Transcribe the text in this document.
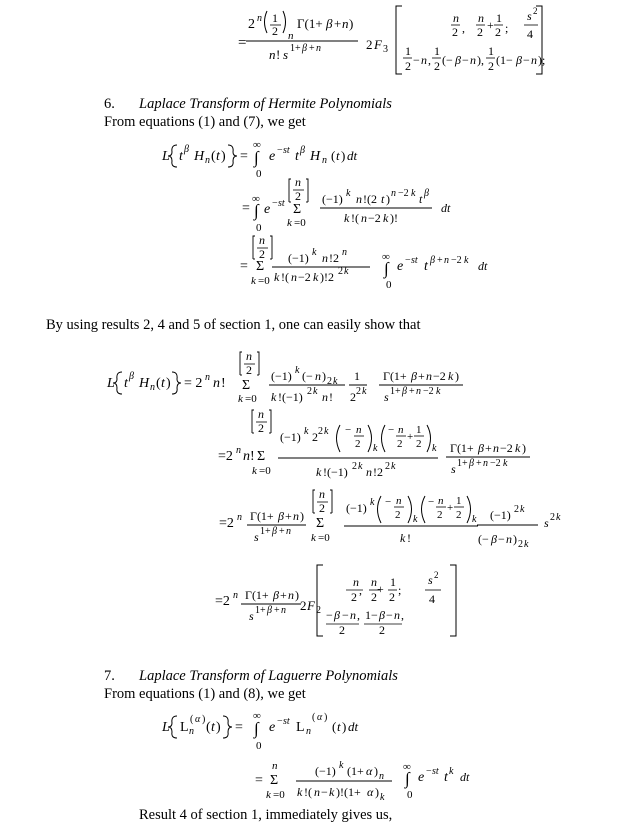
=
2 n 1
2 n
Γ(1+ β + n )
n ! s 1+ β + n	2 F 3
n
2 ,
n
2 + 1
2 ;
s 2
4
1
2 − n ,
1
2 (− β − n ),
1
2 (1− β − n );
6. Laplace Transform of Hermite Polynomials
From equations (1) and (7), we get
L t β H n ( t ) =
∞
∫
0
e − st t β H n ( t ) dt
=
∞
∫
0
e − st
n
2
Σ
k =0
(−1) k n !(2 t ) n −2 k t β
k !( n −2 k )!
dt
n
2
= Σ
k =0
(−1) k n !2 n
k !( n −2 k )!2 2 k
∞
∫
0
e − st t β + n −2 k dt
By using results 2, 4 and 5 of section 1, one can easily show that
L t β H n ( t ) = 2 n n !
n
2
Σ
k =0
(−1) k (− n ) 2 k
k !(−1) 2 k n !
1
2 2 k
Γ(1+ β + n −2 k )
s 1+ β + n −2 k
n
2
=2 n n ! Σ
k =0
(−1) k 2 2 k − n
2 k
− n
2
+
1
2 k
k !(−1) 2 k n !2 2 k
Γ(1+ β + n −2 k )
s 1+ β + n −2 k
=2 n Γ(1+ β + n )
s 1+ β + n
n
2
Σ
k =0
(−1) k − n
2 k
− n
2
+
1
2 k
k !
(−1) 2 k
(− β − n ) 2 k
s 2 k
=2 n Γ(1+ β + n )
s 1+ β + n 2 F 2
n
2 ,
n
2
+ 1
2 ;
s 2
4
− β − n ,
2
1− β − n ,
2
7. Laplace Transform of Laguerre Polynomials
From equations (1) and (8), we get
L L n
( α )
( t ) =
∞
∫
0
e − st L n
( α )
( t ) dt
n
= Σ
k =0
(−1) k (1+ α ) n
k !( n − k )!(1+ α ) k
∞
∫
0
e − st t k dt
Result 4 of section 1, immediately gives us,
